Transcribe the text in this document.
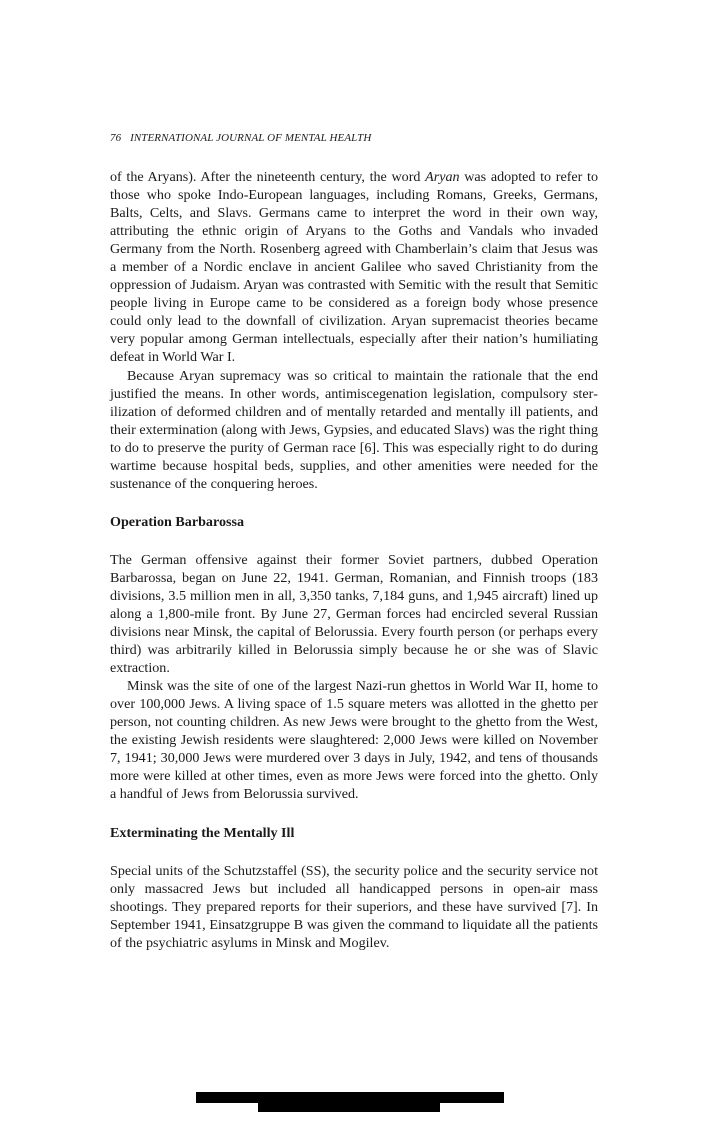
76 INTERNATIONAL JOURNAL OF MENTAL HEALTH

of the Aryans). After the nineteenth century, the word Aryan was adopted to refer to those who spoke Indo-European languages, including Romans, Greeks, Germans, Balts, Celts, and Slavs. Germans came to interpret the word in their own way, attributing the ethnic origin of Aryans to the Goths and Vandals who invaded Germany from the North. Rosenberg agreed with Chamberlain’s claim that Jesus was a member of a Nordic enclave in ancient Galilee who saved Christianity from the oppression of Judaism. Aryan was contrasted with Semitic with the result that Semitic people living in Europe came to be considered as a foreign body whose presence could only lead to the downfall of civilization. Aryan supremacist theories became very popular among German intellectuals, especially after their nation’s humiliating defeat in World War I.

Because Aryan supremacy was so critical to maintain the rationale that the end justified the means. In other words, antimiscegenation legislation, compulsory sterilization of deformed children and of mentally retarded and mentally ill patients, and their extermination (along with Jews, Gypsies, and educated Slavs) was the right thing to do to preserve the purity of German race [6]. This was especially right to do during wartime because hospital beds, supplies, and other amenities were needed for the sustenance of the conquering heroes.

Operation Barbarossa

The German offensive against their former Soviet partners, dubbed Operation Barbarossa, began on June 22, 1941. German, Romanian, and Finnish troops (183 divisions, 3.5 million men in all, 3,350 tanks, 7,184 guns, and 1,945 aircraft) lined up along a 1,800-mile front. By June 27, German forces had encircled several Russian divisions near Minsk, the capital of Belorussia. Every fourth person (or perhaps every third) was arbitrarily killed in Belorussia simply because he or she was of Slavic extraction.

Minsk was the site of one of the largest Nazi-run ghettos in World War II, home to over 100,000 Jews. A living space of 1.5 square meters was allotted in the ghetto per person, not counting children. As new Jews were brought to the ghetto from the West, the existing Jewish residents were slaughtered: 2,000 Jews were killed on November 7, 1941; 30,000 Jews were murdered over 3 days in July, 1942, and tens of thousands more were killed at other times, even as more Jews were forced into the ghetto. Only a handful of Jews from Belorussia survived.

Exterminating the Mentally Ill

Special units of the Schutzstaffel (SS), the security police and the security service not only massacred Jews but included all handicapped persons in open-air mass shootings. They prepared reports for their superiors, and these have survived [7]. In September 1941, Einsatzgruppe B was given the command to liquidate all the patients of the psychiatric asylums in Minsk and Mogilev.
